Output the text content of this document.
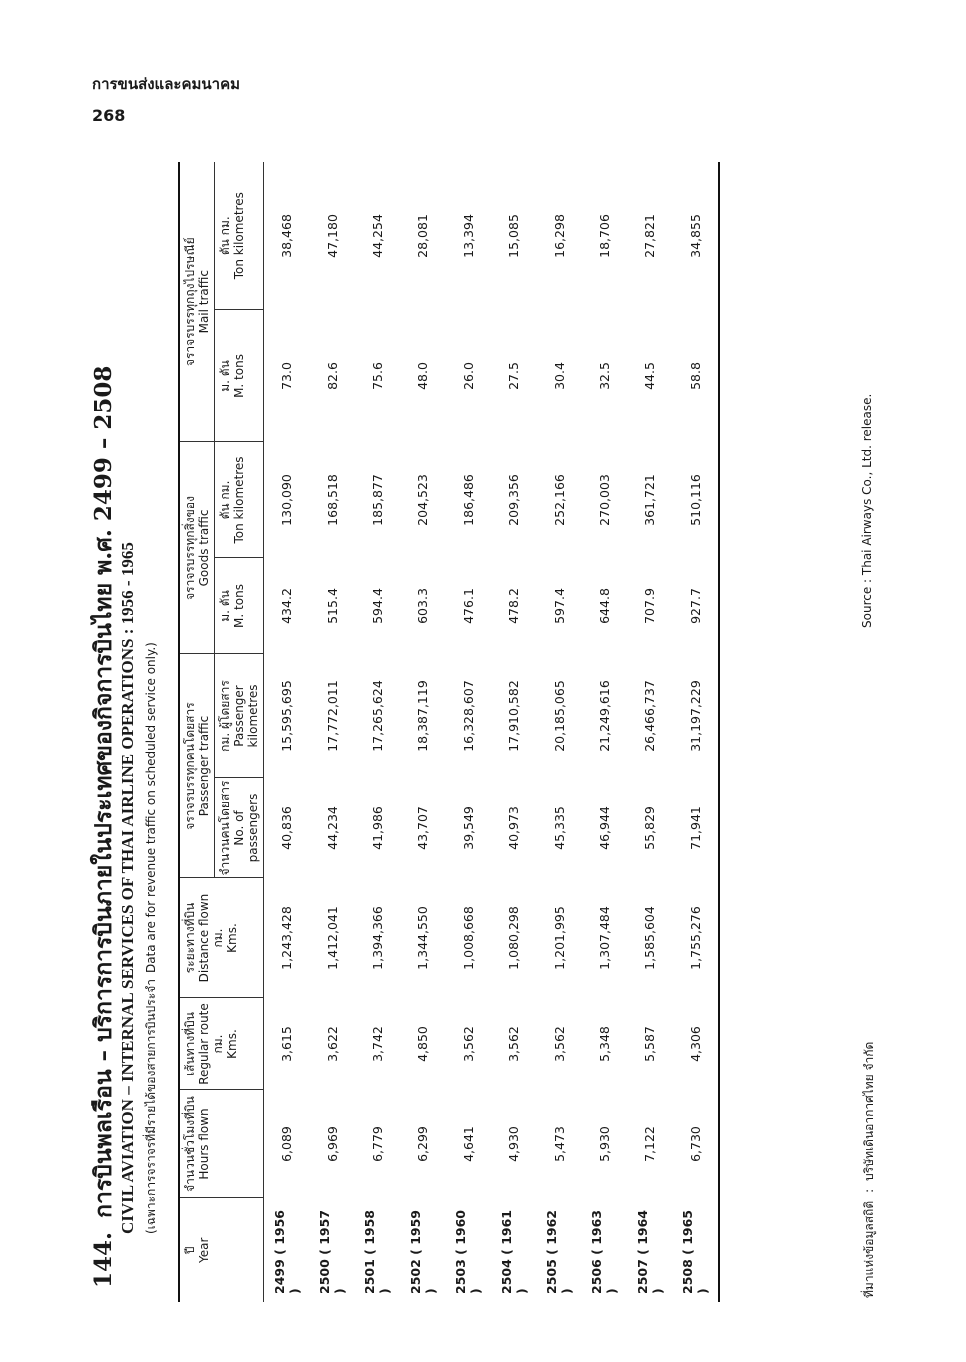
การขนส่งและคมนาคม
268
144.การบินพลเรือน – บริการการบินภายในประเทศของกิจการบินไทย พ.ศ. 2499 – 2508 CIVIL AVIATION – INTERNAL SERVICES OF THAI AIRLINE OPERATIONS : 1956 - 1965 (เฉพาะการจราจรที่มีรายได้ของสายการบินประจำData are for revenue traffic on scheduled service only.)
ปี Year	จำนวนชั่วโมงที่บิน Hours flown	เส้นทางที่บิน Regular route กม. Kms.	ระยะทางที่บิน Distance flown กม. Kms.	จราจรบรรทุกคนโดยสาร Passenger traffic		จราจรบรรทุกสิ่งของ Goods traffic		จราจรบรรทุกถุงไปรษณีย์ Mail traffic	

				จำนวนคนโดยสาร No. of passengers	กม. ผู้โดยสาร Passenger kilometres	ม. ตัน M. tons	ตัน กม. Ton kilometres	ม. ตัน M. tons	ตัน กม. Ton kilometres

2499 ( 1956 )	6,089	3,615	1,243,428	40,836	15,595,695	434.2	130,090	73.0	38,468
2500 ( 1957 )	6,969	3,622	1,412,041	44,234	17,772,011	515.4	168,518	82.6	47,180
2501 ( 1958 )	6,779	3,742	1,394,366	41,986	17,265,624	594.4	185,877	75.6	44,254
2502 ( 1959 )	6,299	4,850	1,344,550	43,707	18,387,119	603.3	204,523	48.0	28,081
2503 ( 1960 )	4,641	3,562	1,008,668	39,549	16,328,607	476.1	186,486	26.0	13,394
2504 ( 1961 )	4,930	3,562	1,080,298	40,973	17,910,582	478.2	209,356	27.5	15,085
2505 ( 1962 )	5,473	3,562	1,201,995	45,335	20,185,065	597.4	252,166	30.4	16,298
2506 ( 1963 )	5,930	5,348	1,307,484	46,944	21,249,616	644.8	270,003	32.5	18,706
2507 ( 1964 )	7,122	5,587	1,585,604	55,829	26,466,737	707.9	361,721	44.5	27,821
2508 ( 1965 )	6,730	4,306	1,755,276	71,941	31,197,229	927.7	510,116	58.8	34,855
ที่มาแห่งข้อมูลสถิติ:บริษัทเดินอากาศไทย จำกัด
Source : Thai Airways Co., Ltd. release.
